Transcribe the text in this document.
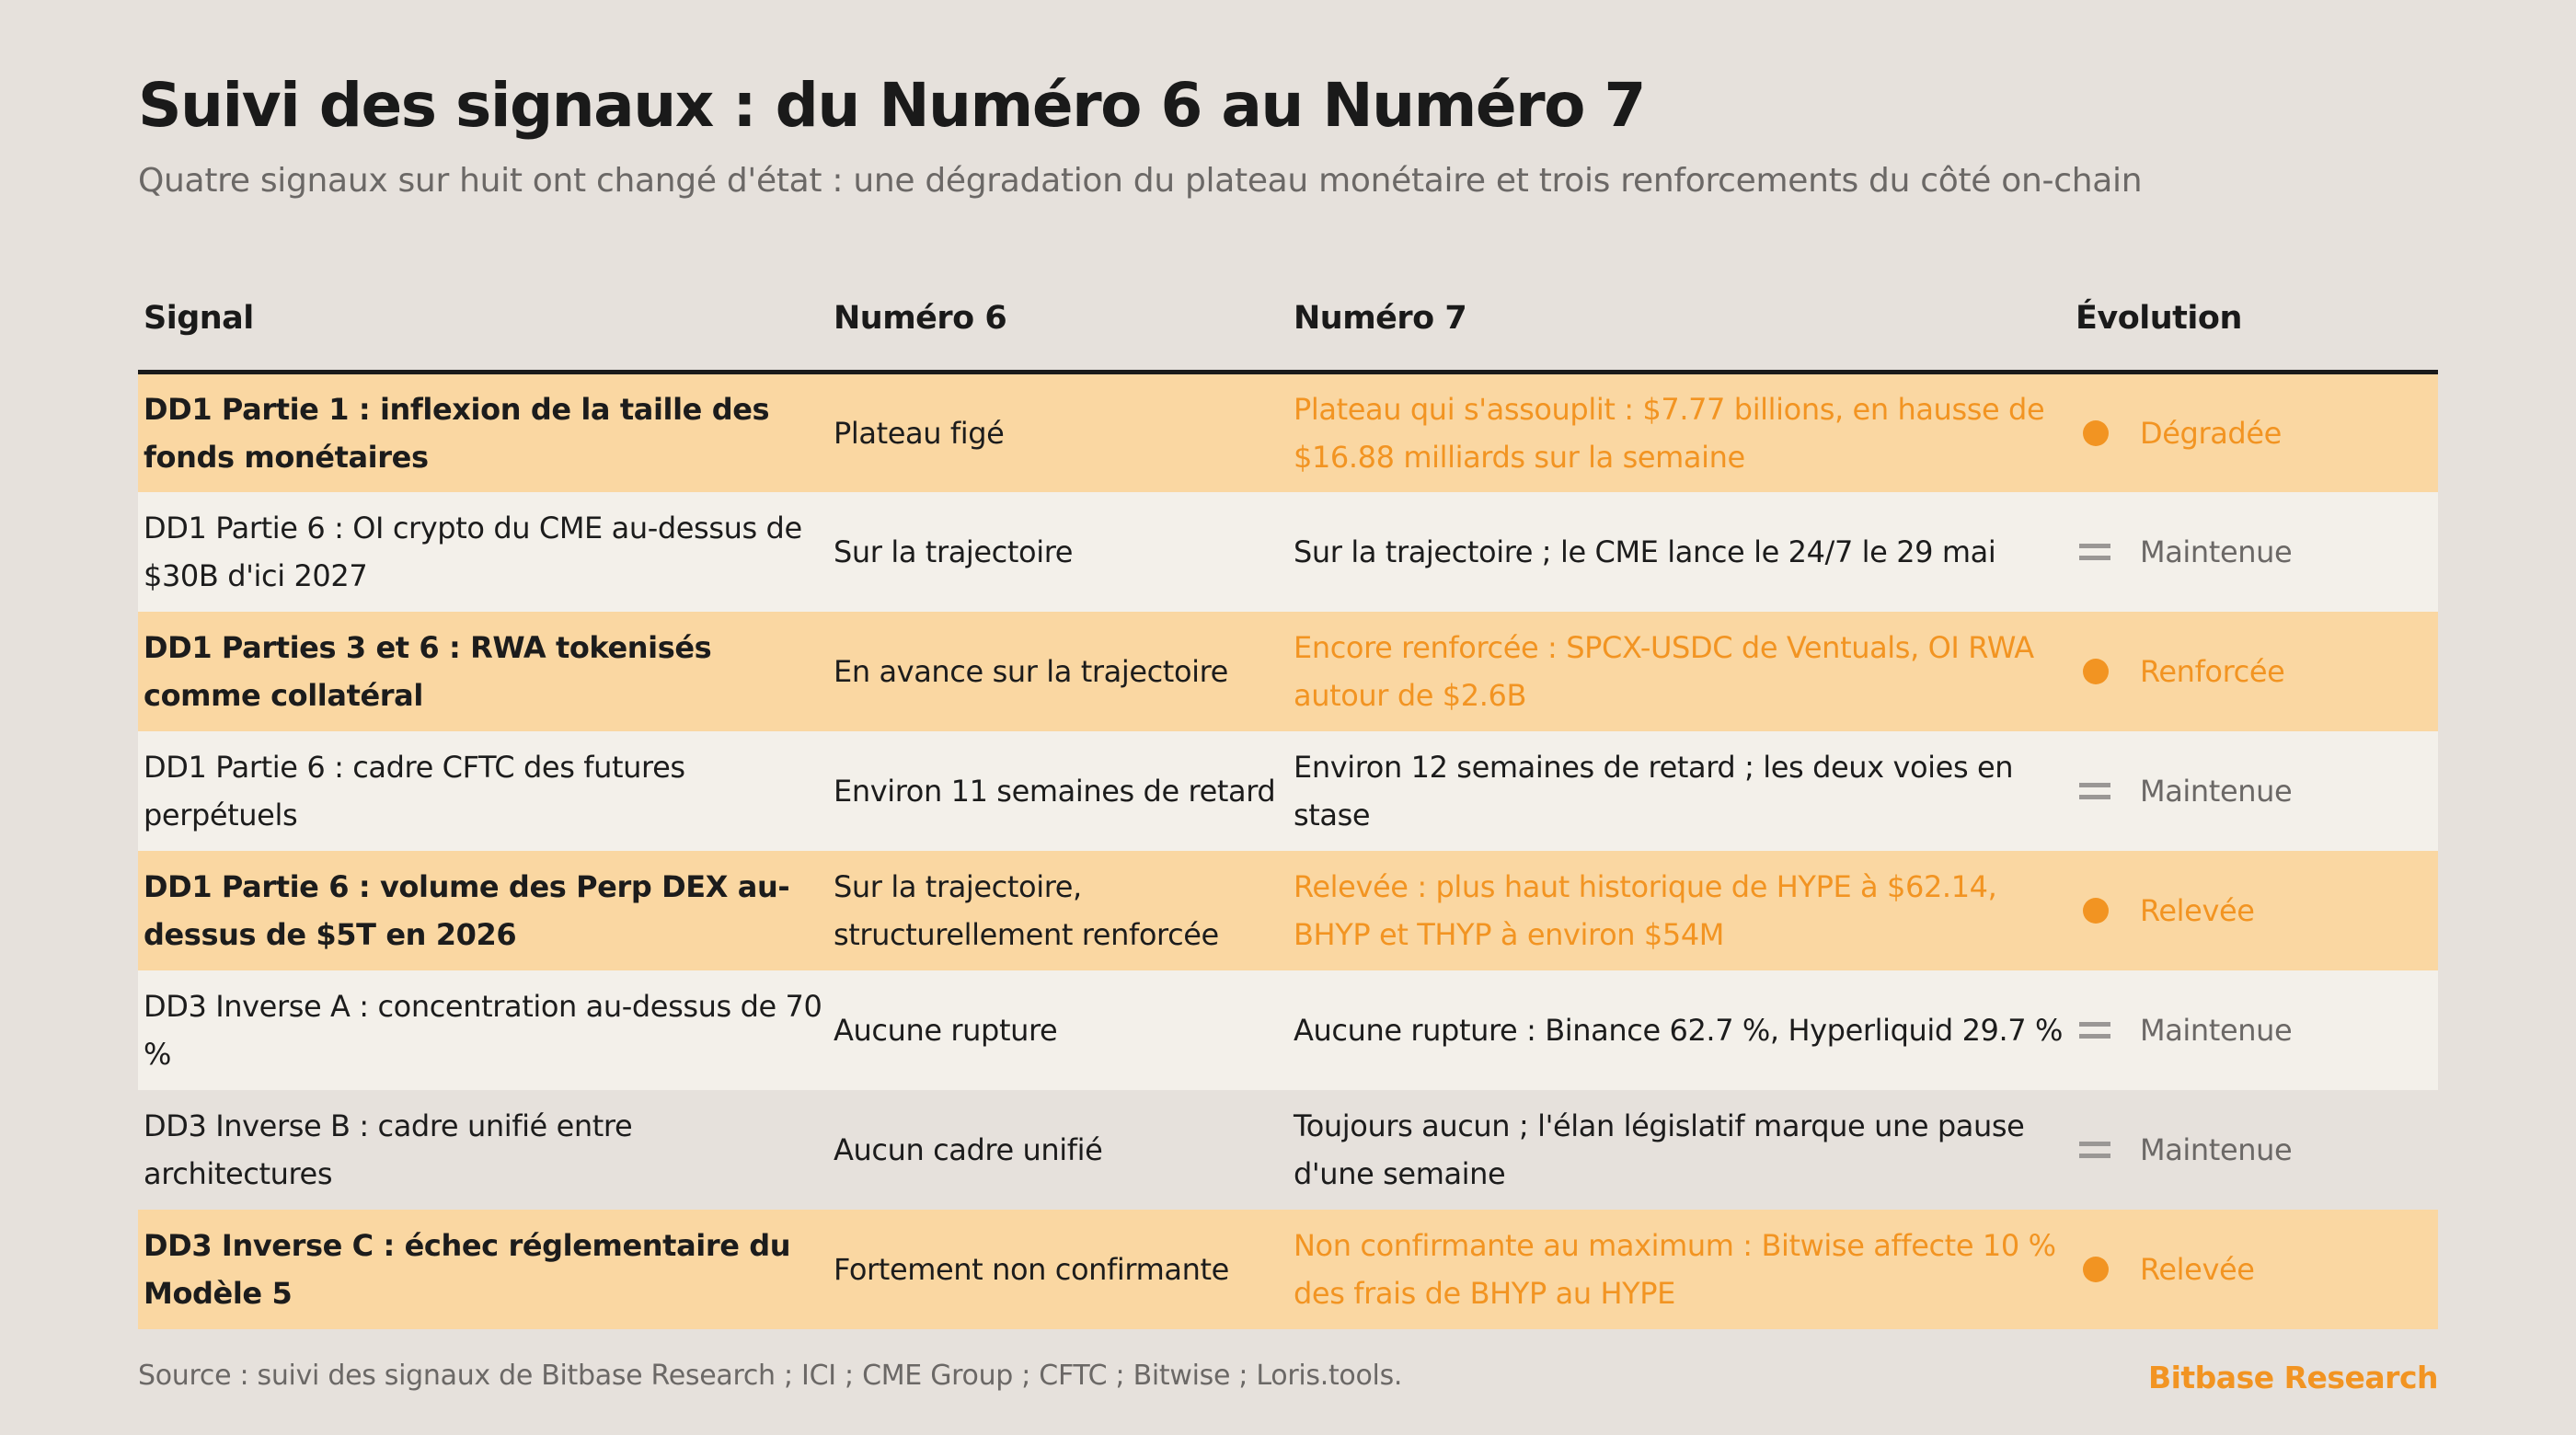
Suivi des signaux : du Numéro 6 au Numéro 7
Quatre signaux sur huit ont changé d'état : une dégradation du plateau monétaire et trois renforcements du côté on-chain
Signal	Numéro 6	Numéro 7	Évolution
DD1 Partie 1 : inflexion de la taille des fonds monétaires	Plateau figé	Plateau qui s'assouplit : $7.77 billions, en hausse de $16.88 milliards sur la semaine	Dégradée

DD1 Partie 6 : OI crypto du CME au-dessus de $30B d'ici 2027	Sur la trajectoire	Sur la trajectoire ; le CME lance le 24/7 le 29 mai	Maintenue

DD1 Parties 3 et 6 : RWA tokenisés comme collatéral	En avance sur la trajectoire	Encore renforcée : SPCX-USDC de Ventuals, OI RWA autour de $2.6B	Renforcée

DD1 Partie 6 : cadre CFTC des futures perpétuels	Environ 11 semaines de retard	Environ 12 semaines de retard ; les deux voies en stase	Maintenue

DD1 Partie 6 : volume des Perp DEX au-dessus de $5T en 2026	Sur la trajectoire, structurellement renforcée	Relevée : plus haut historique de HYPE à $62.14, BHYP et THYP à environ $54M	Relevée

DD3 Inverse A : concentration au-dessus de 70 %	Aucune rupture	Aucune rupture : Binance 62.7 %, Hyperliquid 29.7 %	Maintenue

DD3 Inverse B : cadre unifié entre architectures	Aucun cadre unifié	Toujours aucun ; l'élan législatif marque une pause d'une semaine	Maintenue

DD3 Inverse C : échec réglementaire du Modèle 5	Fortement non confirmante	Non confirmante au maximum : Bitwise affecte 10 % des frais de BHYP au HYPE	Relevée
Source : suivi des signaux de Bitbase Research ; ICI ; CME Group ; CFTC ; Bitwise ; Loris.tools.	Bitbase Research
